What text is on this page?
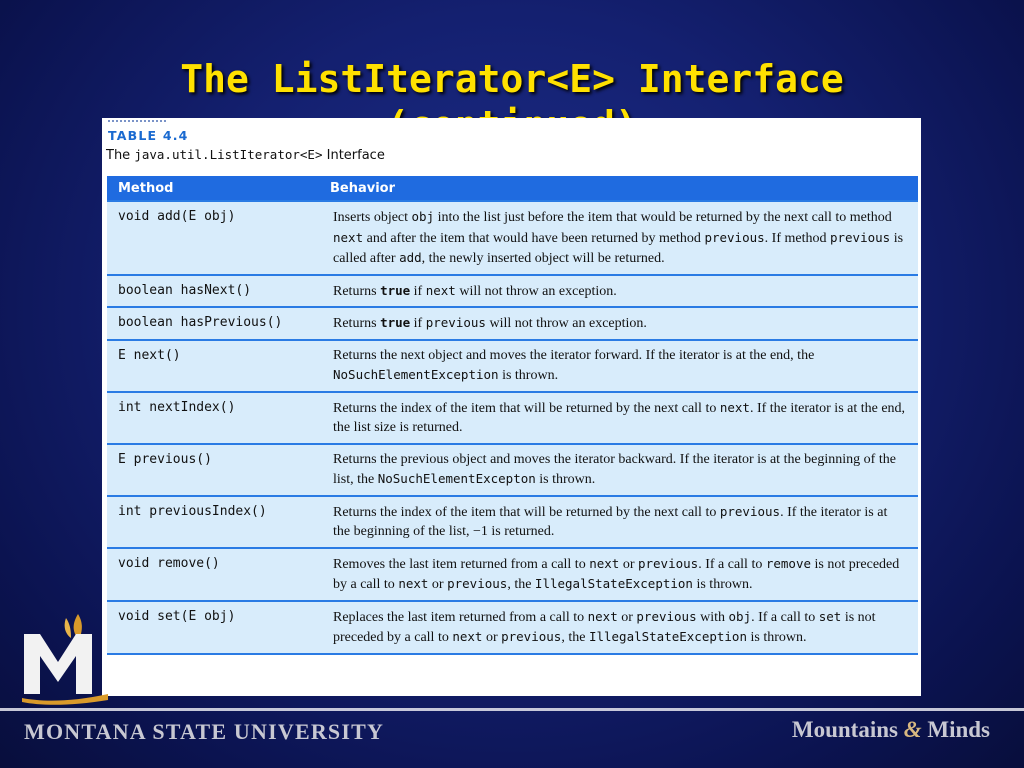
The ListIterator<E> Interface
TABLE 4.4
The java.util.ListIterator<E> Interface
Method	Behavior
void add(E obj)	Inserts object obj into the list just before the item that would be returned by the next call to method next and after the item that would have been returned by method previous. If method previous is called after add, the newly inserted object will be returned.
boolean hasNext()	Returns true if next will not throw an exception.
boolean hasPrevious()	Returns true if previous will not throw an exception.
E next()	Returns the next object and moves the iterator forward. If the iterator is at the end, the NoSuchElementException is thrown.
int nextIndex()	Returns the index of the item that will be returned by the next call to next. If the iterator is at the end, the list size is returned.
E previous()	Returns the previous object and moves the iterator backward. If the iterator is at the beginning of the list, the NoSuchElementExcepton is thrown.
int previousIndex()	Returns the index of the item that will be returned by the next call to previous. If the iterator is at the beginning of the list, −1 is returned.
void remove()	Removes the last item returned from a call to next or previous. If a call to remove is not preceded by a call to next or previous, the IllegalStateException is thrown.
void set(E obj)	Replaces the last item returned from a call to next or previous with obj. If a call to set is not preceded by a call to next or previous, the IllegalStateException is thrown.
MONTANA STATE UNIVERSITY	Mountains & Minds
